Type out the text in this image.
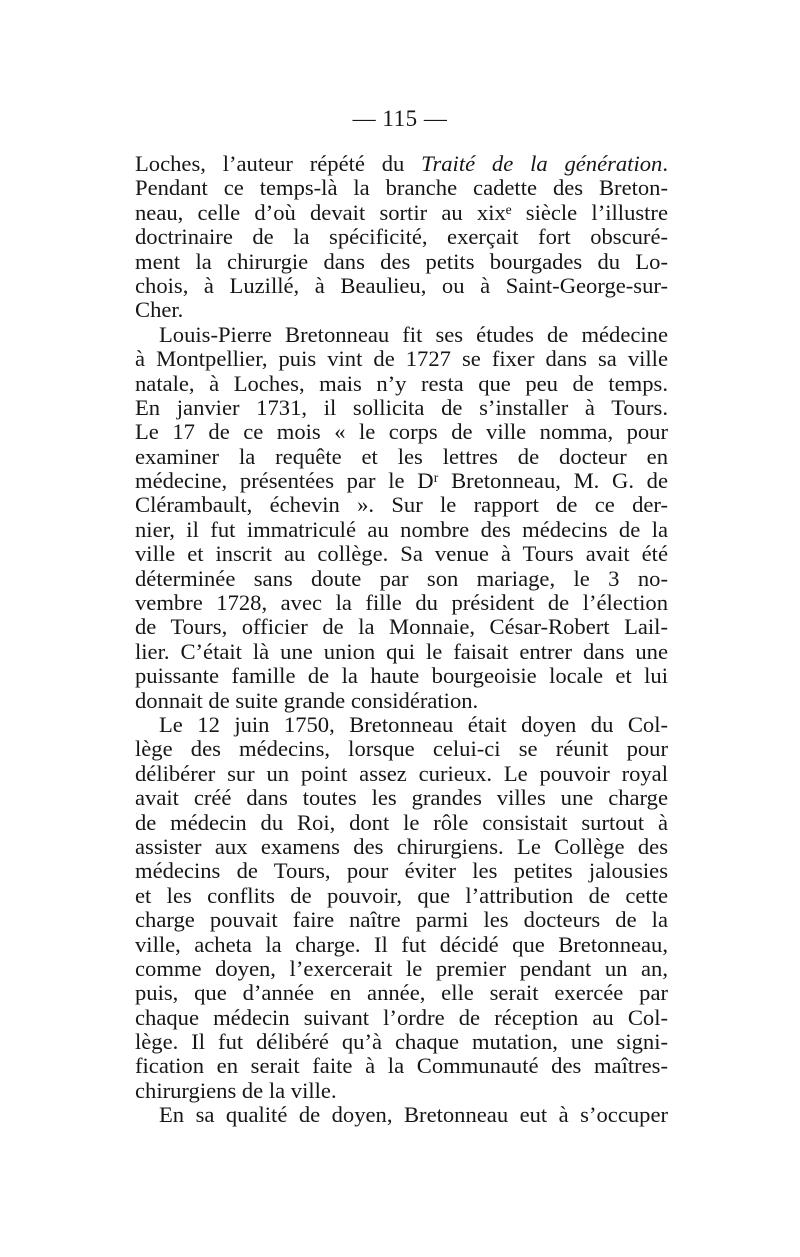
— 115 —
Loches, l’auteur répété du Traité de la génération.
Pendant ce temps-là la branche cadette des Breton-
neau, celle d’où devait sortir au xixᵉ siècle l’illustre
doctrinaire de la spécificité, exerçait fort obscuré-
ment la chirurgie dans des petits bourgades du Lo-
chois, à Luzillé, à Beaulieu, ou à Saint-George-sur-
Cher.
Louis-Pierre Bretonneau fit ses études de médecine
à Montpellier, puis vint de 1727 se fixer dans sa ville
natale, à Loches, mais n’y resta que peu de temps.
En janvier 1731, il sollicita de s’installer à Tours.
Le 17 de ce mois « le corps de ville nomma, pour
examiner la requête et les lettres de docteur en
médecine, présentées par le Dʳ Bretonneau, M. G. de
Clérambault, échevin ». Sur le rapport de ce der-
nier, il fut immatriculé au nombre des médecins de la
ville et inscrit au collège. Sa venue à Tours avait été
déterminée sans doute par son mariage, le 3 no-
vembre 1728, avec la fille du président de l’élection
de Tours, officier de la Monnaie, César-Robert Lail-
lier. C’était là une union qui le faisait entrer dans une
puissante famille de la haute bourgeoisie locale et lui
donnait de suite grande considération.
Le 12 juin 1750, Bretonneau était doyen du Col-
lège des médecins, lorsque celui-ci se réunit pour
délibérer sur un point assez curieux. Le pouvoir royal
avait créé dans toutes les grandes villes une charge
de médecin du Roi, dont le rôle consistait surtout à
assister aux examens des chirurgiens. Le Collège des
médecins de Tours, pour éviter les petites jalousies
et les conflits de pouvoir, que l’attribution de cette
charge pouvait faire naître parmi les docteurs de la
ville, acheta la charge. Il fut décidé que Bretonneau,
comme doyen, l’exercerait le premier pendant un an,
puis, que d’année en année, elle serait exercée par
chaque médecin suivant l’ordre de réception au Col-
lège. Il fut délibéré qu’à chaque mutation, une signi-
fication en serait faite à la Communauté des maîtres-
chirurgiens de la ville.
En sa qualité de doyen, Bretonneau eut à s’occuper
